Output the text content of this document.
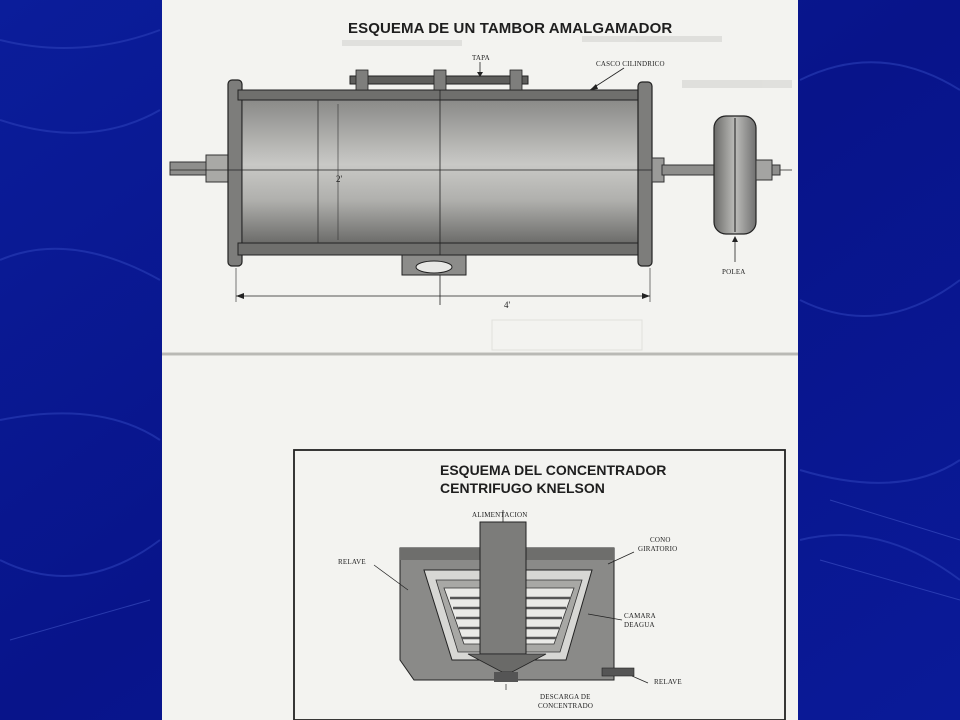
ESQUEMA DE UN TAMBOR AMALGAMADOR
TAPA
CASCO CILINDRICO
POLEA
2'
4'
ESQUEMA DEL CONCENTRADOR
CENTRIFUGO KNELSON
ALIMENTACION
CONO
GIRATORIO
RELAVE
CAMARA
DEAGUA
RELAVE
DESCARGA DE
CONCENTRADO
